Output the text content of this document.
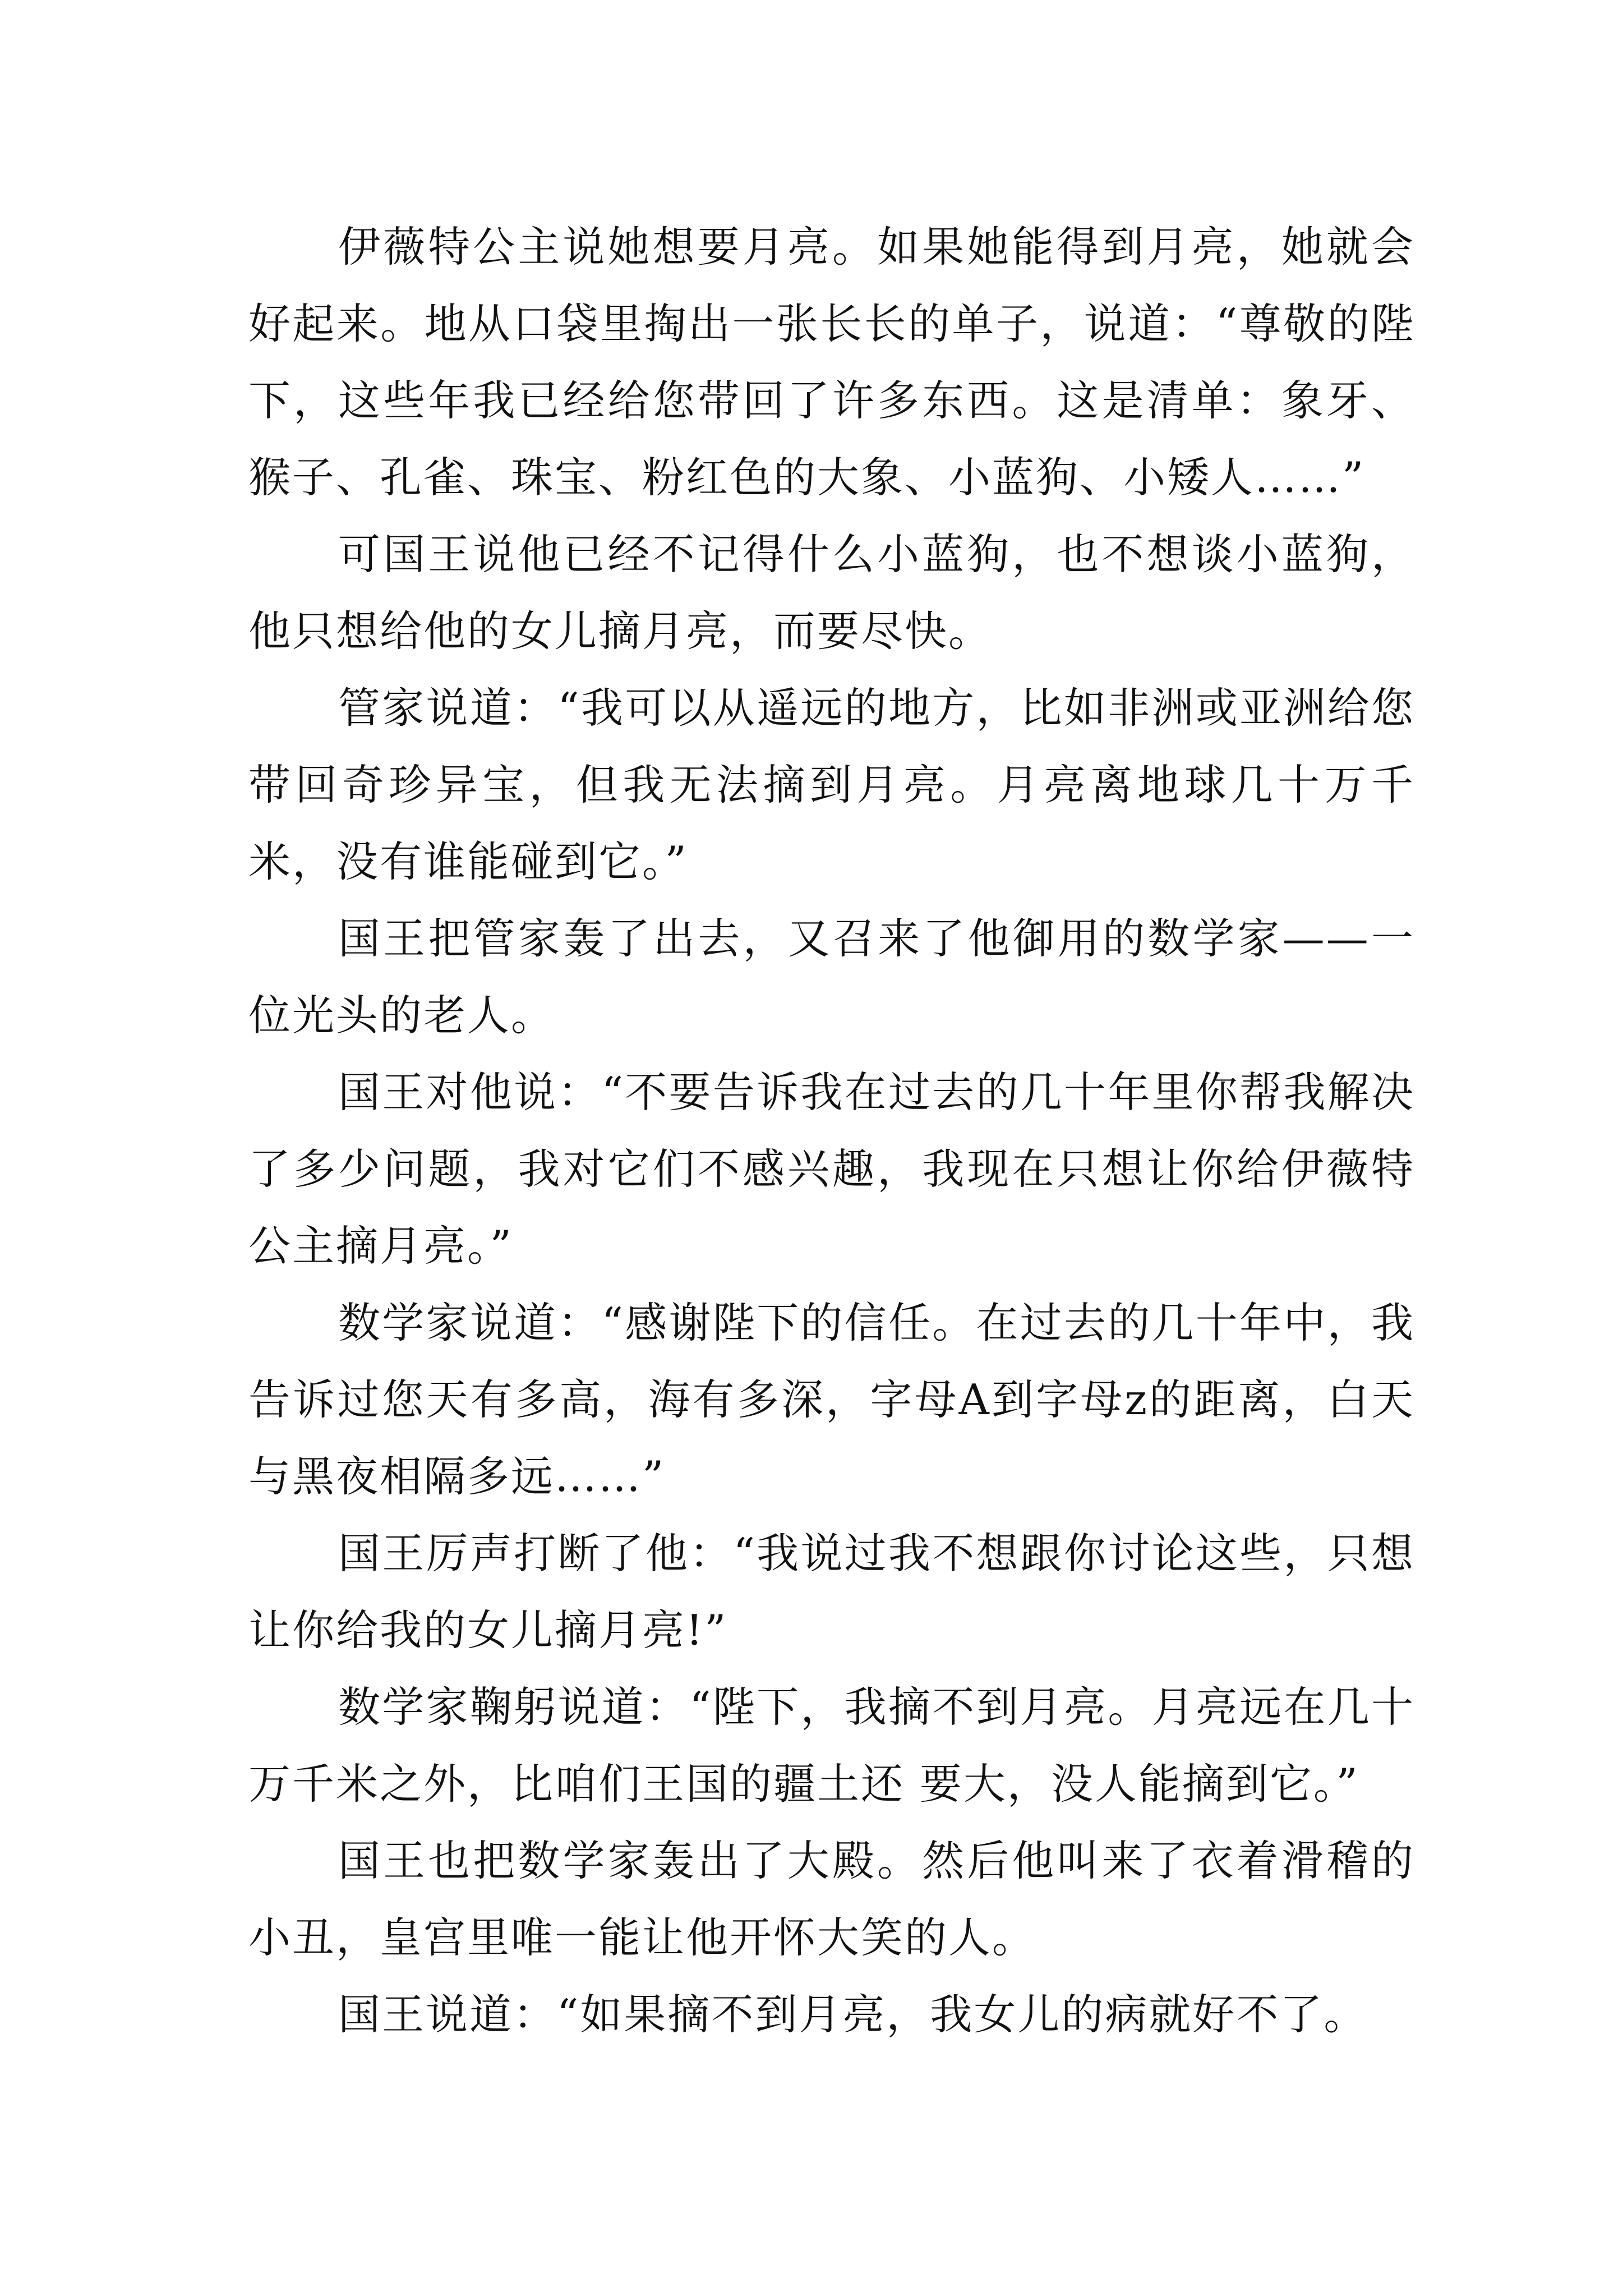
伊薇特公主说她想要月亮。如果她能得到月亮，她就会好起来。地从口袋里掏出一张长长的单子，说道：“尊敬的陛下，这些年我已经给您带回了许多东西。这是清单：象牙、猴子、孔雀、珠宝、粉红色的大象、小蓝狗、小矮人……”

可国王说他已经不记得什么小蓝狗，也不想谈小蓝狗，他只想给他的女儿摘月亮，而要尽快。

管家说道：“我可以从遥远的地方，比如非洲或亚洲给您带回奇珍异宝，但我无法摘到月亮。月亮离地球几十万千米，没有谁能碰到它。”

国王把管家轰了出去，又召来了他御用的数学家——一位光头的老人。

国王对他说：“不要告诉我在过去的几十年里你帮我解决了多少问题，我对它们不感兴趣，我现在只想让你给伊薇特公主摘月亮。”

数学家说道：“感谢陛下的信任。在过去的几十年中，我告诉过您天有多高，海有多深，字母A到字母z的距离，白天与黑夜相隔多远……”

国王厉声打断了他：“我说过我不想跟你讨论这些，只想让你给我的女儿摘月亮!”

数学家鞠躬说道：“陛下，我摘不到月亮。月亮远在几十万千米之外，比咱们王国的疆土还 要大，没人能摘到它。”

国王也把数学家轰出了大殿。然后他叫来了衣着滑稽的小丑，皇宫里唯一能让他开怀大笑的人。

国王说道：“如果摘不到月亮，我女儿的病就好不了。
